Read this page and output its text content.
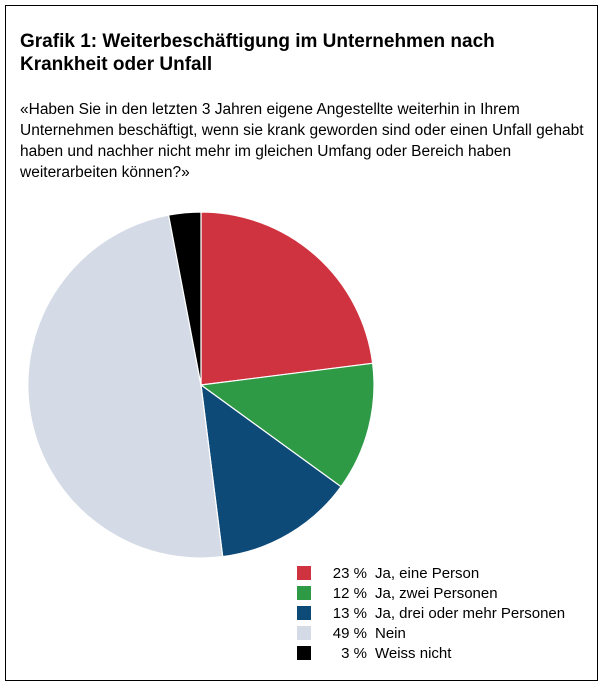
Grafik 1: Weiterbeschäftigung im Unternehmen nach
Krankheit oder Unfall

«Haben Sie in den letzten 3 Jahren eigene Angestellte weiterhin in Ihrem Unternehmen beschäftigt, wenn sie krank geworden sind oder einen Unfall gehabt haben und nachher nicht mehr im gleichen Umfang oder Bereich haben weiterarbeiten können?»

23 % Ja, eine Person
12 % Ja, zwei Personen
13 % Ja, drei oder mehr Personen
49 % Nein
3 % Weiss nicht
